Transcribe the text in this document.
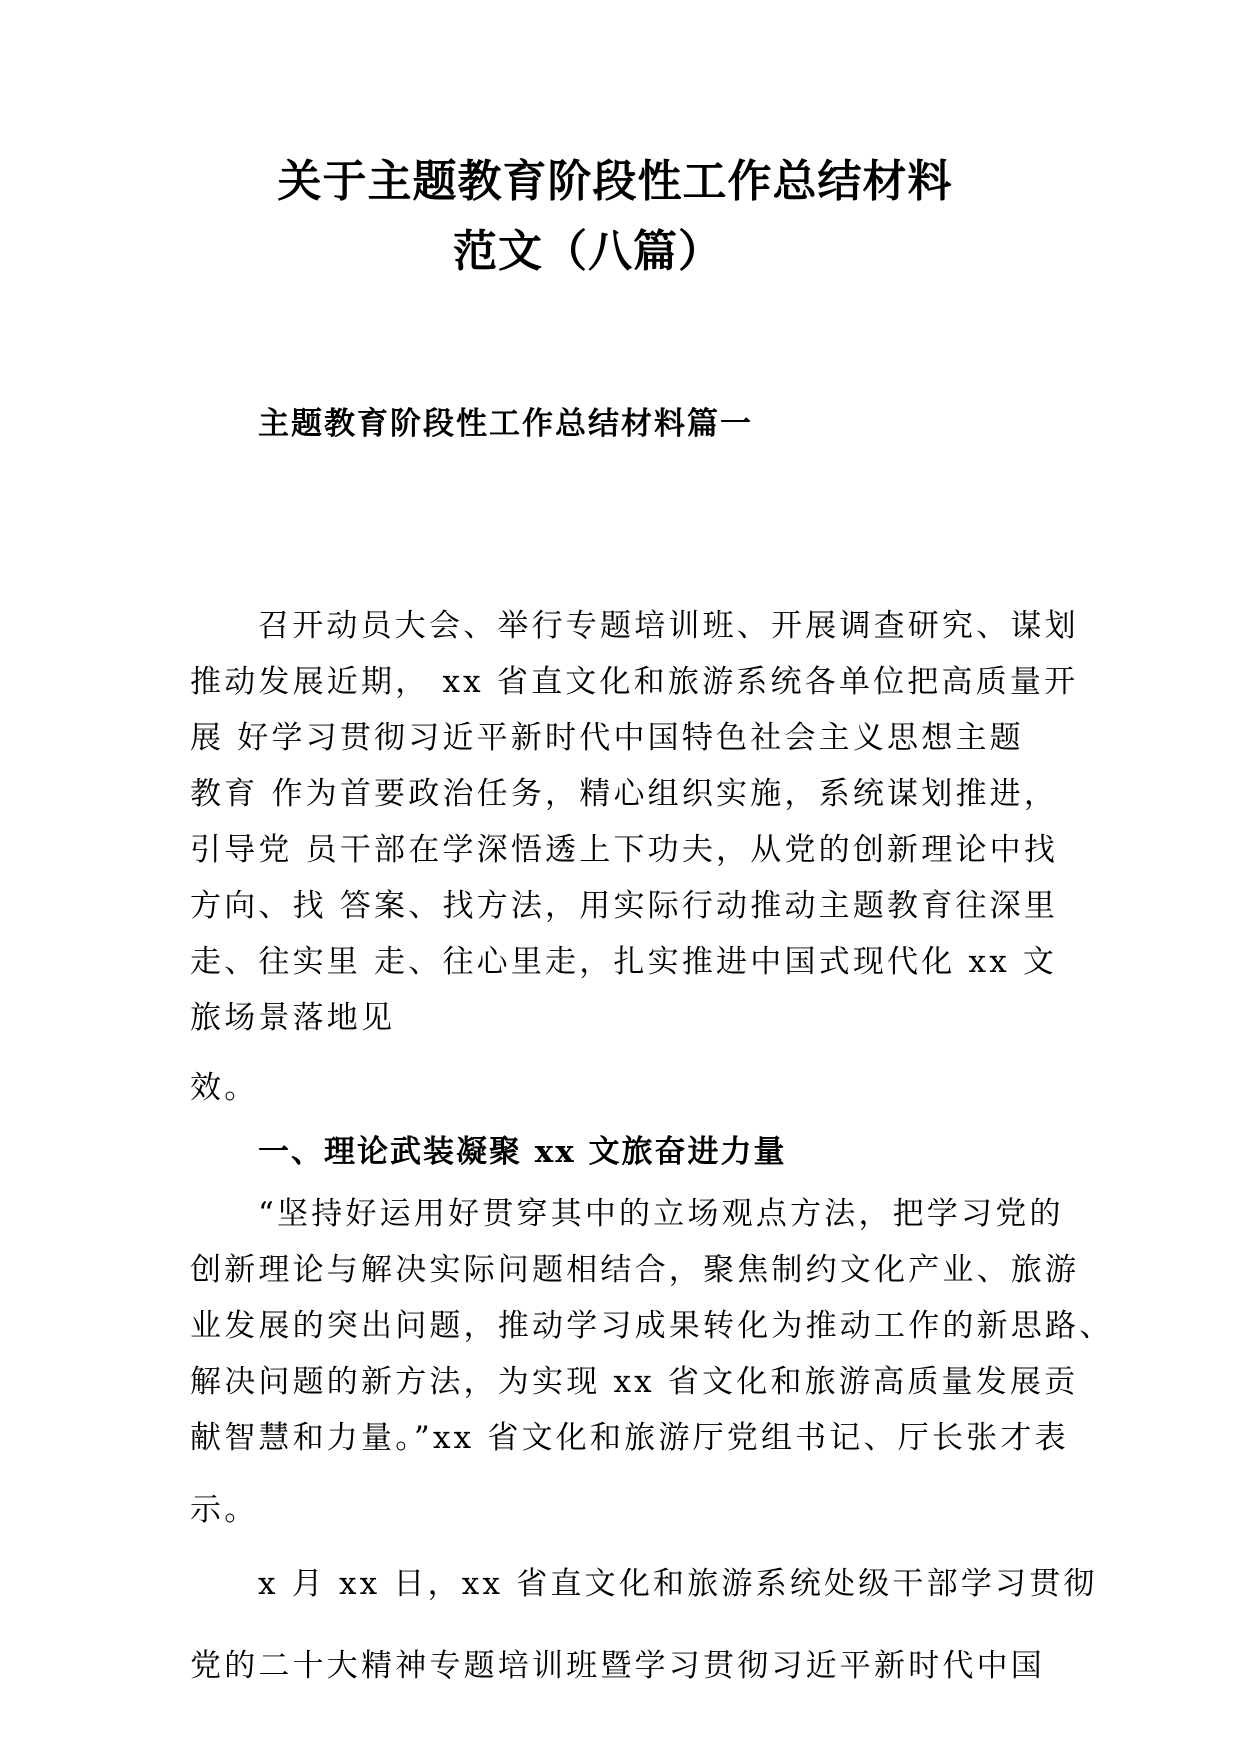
关于主题教育阶段性工作总结材料
范文（八篇）
主题教育阶段性工作总结材料篇一
召开动员大会、举行专题培训班、开展调查研究、谋划
推动发展近期， xx 省直文化和旅游系统各单位把高质量开
展 好学习贯彻习近平新时代中国特色社会主义思想主题
教育 作为首要政治任务，精心组织实施，系统谋划推进，
引导党 员干部在学深悟透上下功夫，从党的创新理论中找
方向、找 答案、找方法，用实际行动推动主题教育往深里
走、往实里 走、往心里走，扎实推进中国式现代化 xx 文
旅场景落地见
效。
一、理论武装凝聚 xx 文旅奋进力量
“坚持好运用好贯穿其中的立场观点方法，把学习党的
创新理论与解决实际问题相结合，聚焦制约文化产业、旅游
业发展的突出问题，推动学习成果转化为推动工作的新思路、
解决问题的新方法，为实现 xx 省文化和旅游高质量发展贡
献智慧和力量。”xx 省文化和旅游厅党组书记、厅长张才表
示。
x 月 xx 日，xx 省直文化和旅游系统处级干部学习贯彻
党的二十大精神专题培训班暨学习贯彻习近平新时代中国
